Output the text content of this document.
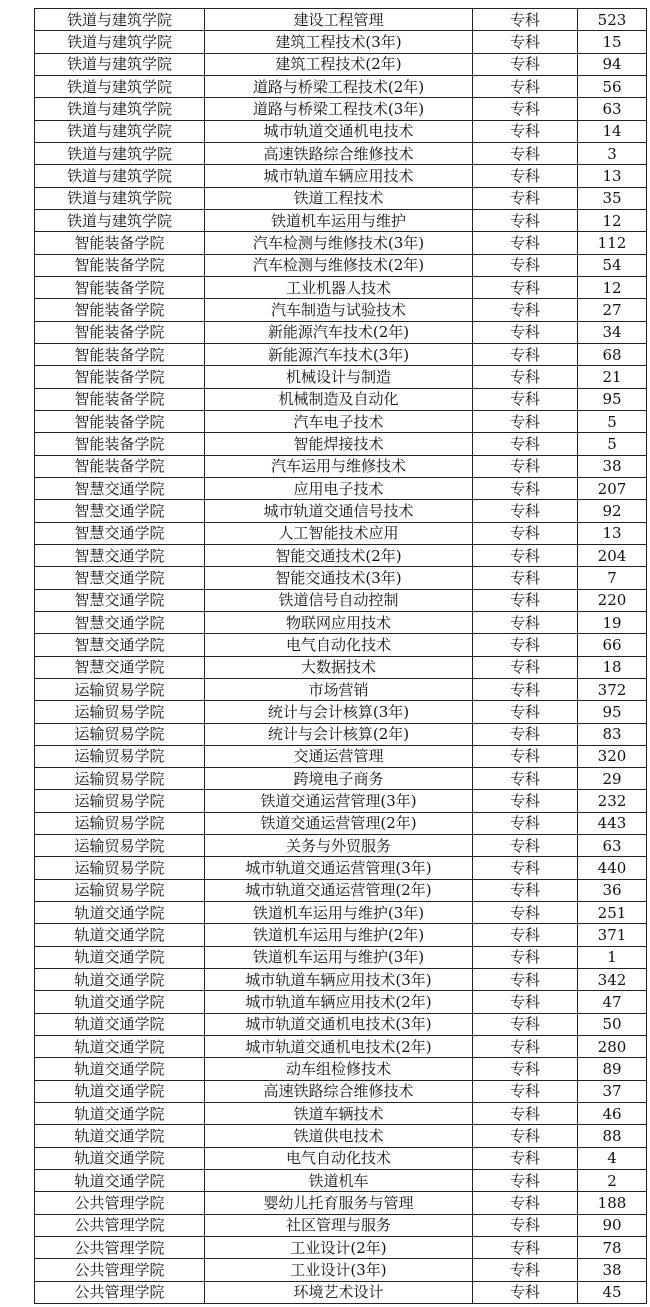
铁道与建筑学院	建设工程管理	专科	523
铁道与建筑学院	建筑工程技术(3年)	专科	15
铁道与建筑学院	建筑工程技术(2年)	专科	94
铁道与建筑学院	道路与桥梁工程技术(2年)	专科	56
铁道与建筑学院	道路与桥梁工程技术(3年)	专科	63
铁道与建筑学院	城市轨道交通机电技术	专科	14
铁道与建筑学院	高速铁路综合维修技术	专科	3
铁道与建筑学院	城市轨道车辆应用技术	专科	13
铁道与建筑学院	铁道工程技术	专科	35
铁道与建筑学院	铁道机车运用与维护	专科	12
智能装备学院	汽车检测与维修技术(3年)	专科	112
智能装备学院	汽车检测与维修技术(2年)	专科	54
智能装备学院	工业机器人技术	专科	12
智能装备学院	汽车制造与试验技术	专科	27
智能装备学院	新能源汽车技术(2年)	专科	34
智能装备学院	新能源汽车技术(3年)	专科	68
智能装备学院	机械设计与制造	专科	21
智能装备学院	机械制造及自动化	专科	95
智能装备学院	汽车电子技术	专科	5
智能装备学院	智能焊接技术	专科	5
智能装备学院	汽车运用与维修技术	专科	38
智慧交通学院	应用电子技术	专科	207
智慧交通学院	城市轨道交通信号技术	专科	92
智慧交通学院	人工智能技术应用	专科	13
智慧交通学院	智能交通技术(2年)	专科	204
智慧交通学院	智能交通技术(3年)	专科	7
智慧交通学院	铁道信号自动控制	专科	220
智慧交通学院	物联网应用技术	专科	19
智慧交通学院	电气自动化技术	专科	66
智慧交通学院	大数据技术	专科	18
运输贸易学院	市场营销	专科	372
运输贸易学院	统计与会计核算(3年)	专科	95
运输贸易学院	统计与会计核算(2年)	专科	83
运输贸易学院	交通运营管理	专科	320
运输贸易学院	跨境电子商务	专科	29
运输贸易学院	铁道交通运营管理(3年)	专科	232
运输贸易学院	铁道交通运营管理(2年)	专科	443
运输贸易学院	关务与外贸服务	专科	63
运输贸易学院	城市轨道交通运营管理(3年)	专科	440
运输贸易学院	城市轨道交通运营管理(2年)	专科	36
轨道交通学院	铁道机车运用与维护(3年)	专科	251
轨道交通学院	铁道机车运用与维护(2年)	专科	371
轨道交通学院	铁道机车运用与维护(3年)	专科	1
轨道交通学院	城市轨道车辆应用技术(3年)	专科	342
轨道交通学院	城市轨道车辆应用技术(2年)	专科	47
轨道交通学院	城市轨道交通机电技术(3年)	专科	50
轨道交通学院	城市轨道交通机电技术(2年)	专科	280
轨道交通学院	动车组检修技术	专科	89
轨道交通学院	高速铁路综合维修技术	专科	37
轨道交通学院	铁道车辆技术	专科	46
轨道交通学院	铁道供电技术	专科	88
轨道交通学院	电气自动化技术	专科	4
轨道交通学院	铁道机车	专科	2
公共管理学院	婴幼儿托育服务与管理	专科	188
公共管理学院	社区管理与服务	专科	90
公共管理学院	工业设计(2年)	专科	78
公共管理学院	工业设计(3年)	专科	38
公共管理学院	环境艺术设计	专科	45
